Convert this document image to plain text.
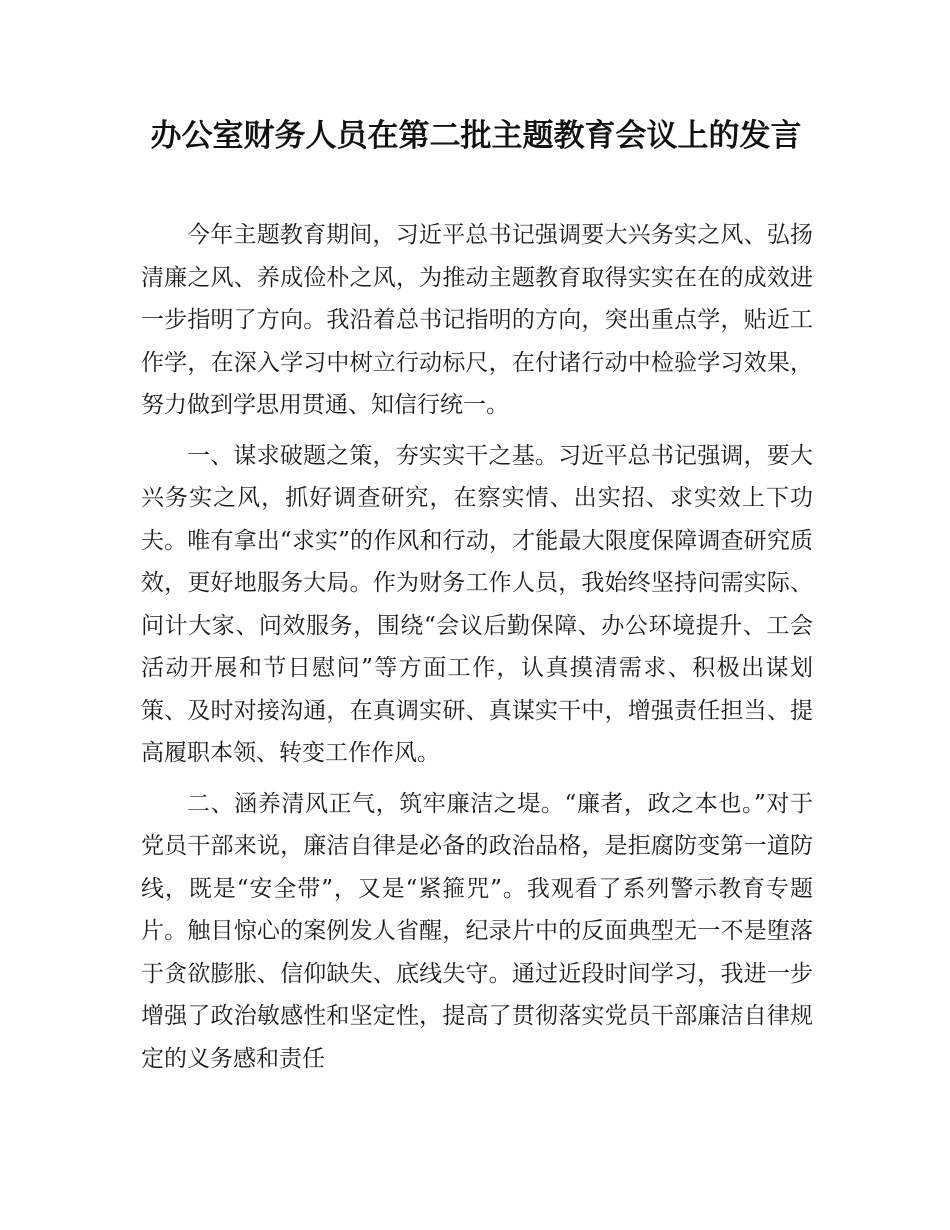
办公室财务人员在第二批主题教育会议上的发言

今年主题教育期间，习近平总书记强调要大兴务实之风、弘扬清廉之风、养成俭朴之风，为推动主题教育取得实实在在的成效进一步指明了方向。我沿着总书记指明的方向，突出重点学，贴近工作学，在深入学习中树立行动标尺，在付诸行动中检验学习效果，努力做到学思用贯通、知信行统一。

一、谋求破题之策，夯实实干之基。习近平总书记强调，要大兴务实之风，抓好调查研究，在察实情、出实招、求实效上下功夫。唯有拿出“求实”的作风和行动，才能最大限度保障调查研究质效，更好地服务大局。作为财务工作人员，我始终坚持问需实际、问计大家、问效服务，围绕“会议后勤保障、办公环境提升、工会活动开展和节日慰问”等方面工作，认真摸清需求、积极出谋划策、及时对接沟通，在真调实研、真谋实干中，增强责任担当、提高履职本领、转变工作作风。

二、涵养清风正气，筑牢廉洁之堤。“廉者，政之本也。”对于党员干部来说，廉洁自律是必备的政治品格，是拒腐防变第一道防线，既是“安全带”，又是“紧箍咒”。我观看了系列警示教育专题片。触目惊心的案例发人省醒，纪录片中的反面典型无一不是堕落于贪欲膨胀、信仰缺失、底线失守。通过近段时间学习，我进一步增强了政治敏感性和坚定性，提高了贯彻落实党员干部廉洁自律规定的义务感和责任
